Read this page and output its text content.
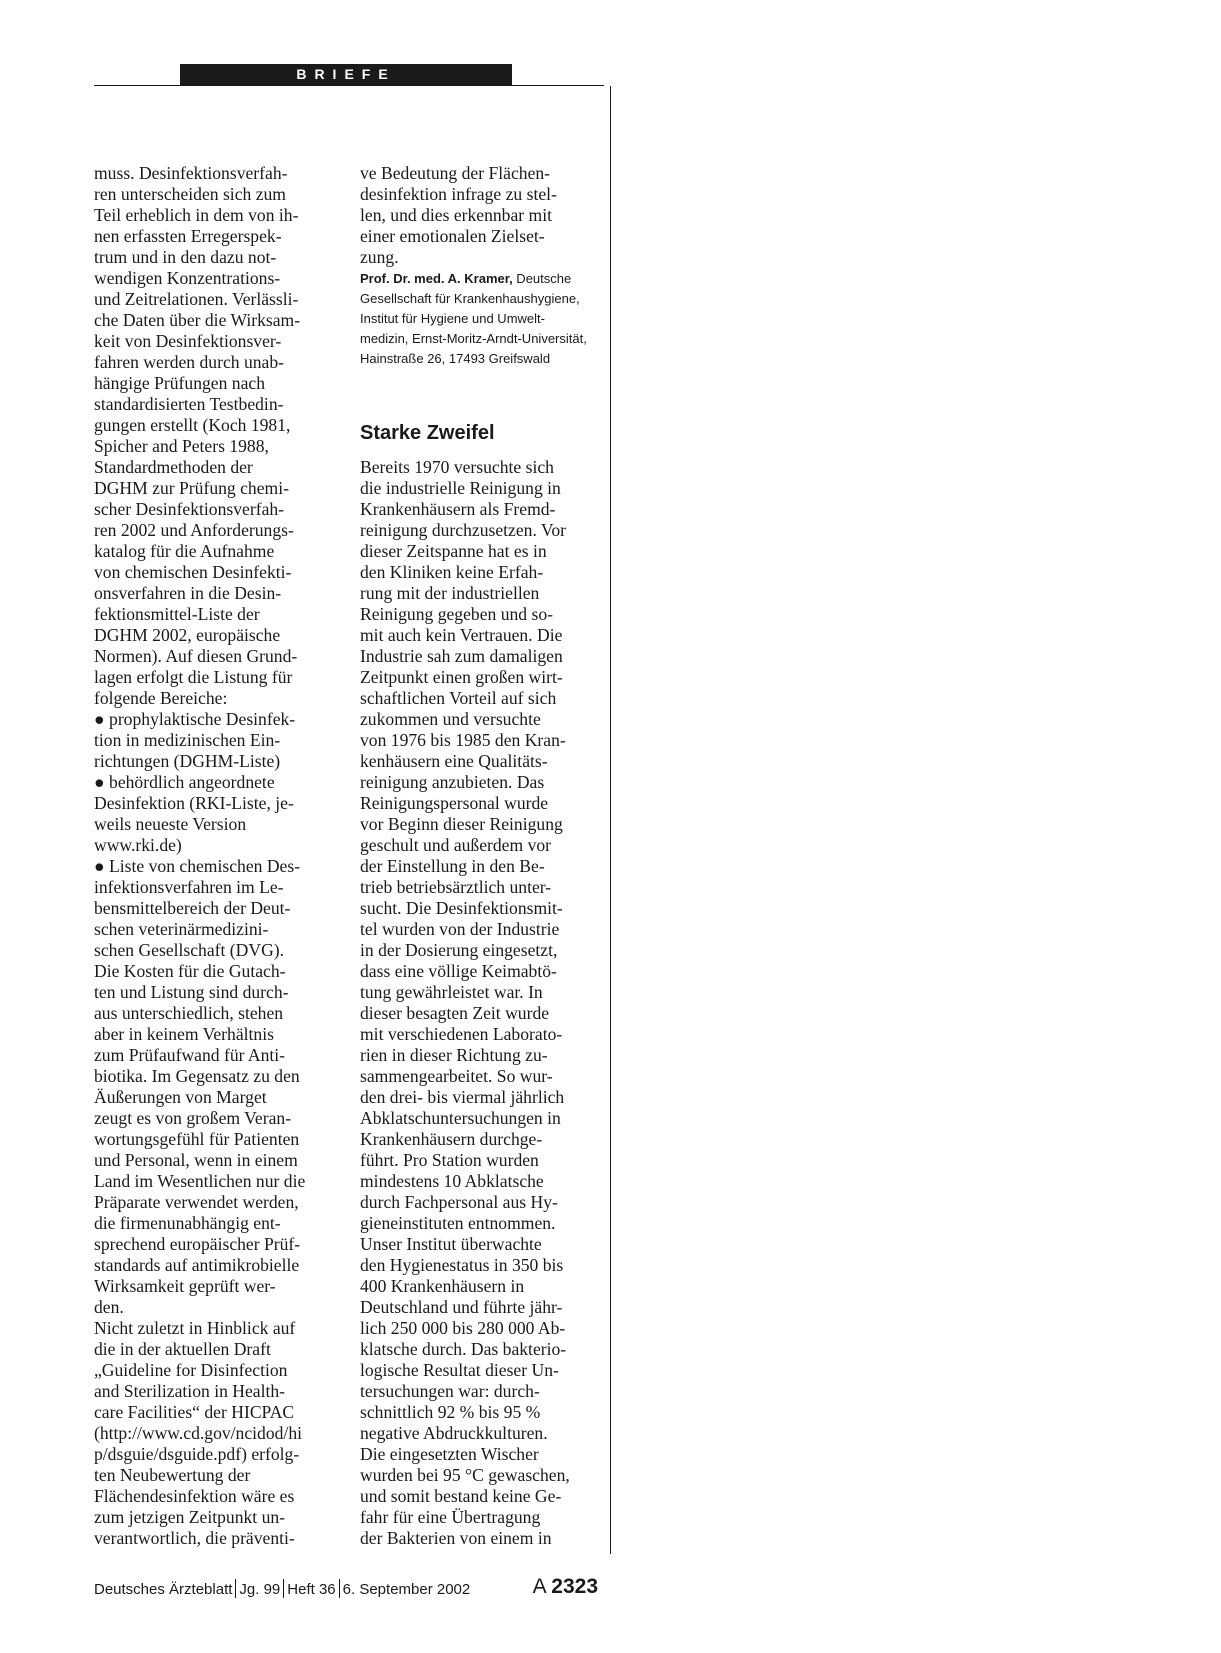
BRIEFE
muss. Desinfektionsverfah-
ren unterscheiden sich zum
Teil erheblich in dem von ih-
nen erfassten Erregerspek-
trum und in den dazu not-
wendigen Konzentrations-
und Zeitrelationen. Verlässli-
che Daten über die Wirksam-
keit von Desinfektionsver-
fahren werden durch unab-
hängige Prüfungen nach
standardisierten Testbedin-
gungen erstellt (Koch 1981,
Spicher and Peters 1988,
Standardmethoden der
DGHM zur Prüfung chemi-
scher Desinfektionsverfah-
ren 2002 und Anforderungs-
katalog für die Aufnahme
von chemischen Desinfekti-
onsverfahren in die Desin-
fektionsmittel-Liste der
DGHM 2002, europäische
Normen). Auf diesen Grund-
lagen erfolgt die Listung für
folgende Bereiche:
● prophylaktische Desinfek-
tion in medizinischen Ein-
richtungen (DGHM-Liste)
● behördlich angeordnete
Desinfektion (RKI-Liste, je-
weils neueste Version
www.rki.de)
● Liste von chemischen Des-
infektionsverfahren im Le-
bensmittelbereich der Deut-
schen veterinärmedizini-
schen Gesellschaft (DVG).
Die Kosten für die Gutach-
ten und Listung sind durch-
aus unterschiedlich, stehen
aber in keinem Verhältnis
zum Prüfaufwand für Anti-
biotika. Im Gegensatz zu den
Äußerungen von Marget
zeugt es von großem Veran-
wortungsgefühl für Patienten
und Personal, wenn in einem
Land im Wesentlichen nur die
Präparate verwendet werden,
die firmenunabhängig ent-
sprechend europäischer Prüf-
standards auf antimikrobielle
Wirksamkeit geprüft wer-
den.
Nicht zuletzt in Hinblick auf
die in der aktuellen Draft
„Guideline for Disinfection
and Sterilization in Health-
care Facilities“ der HICPAC
(http://www.cd.gov/ncidod/hi
p/dsguie/dsguide.pdf) erfolg-
ten Neubewertung der
Flächendesinfektion wäre es
zum jetzigen Zeitpunkt un-
verantwortlich, die präventi-
ve Bedeutung der Flächen-
desinfektion infrage zu stel-
len, und dies erkennbar mit
einer emotionalen Zielset-
zung.
Prof. Dr. med. A. Kramer, Deutsche
Gesellschaft für Krankenhaushygiene,
Institut für Hygiene und Umwelt-
medizin, Ernst-Moritz-Arndt-Universität,
Hainstraße 26, 17493 Greifswald
Starke Zweifel
Bereits 1970 versuchte sich
die industrielle Reinigung in
Krankenhäusern als Fremd-
reinigung durchzusetzen. Vor
dieser Zeitspanne hat es in
den Kliniken keine Erfah-
rung mit der industriellen
Reinigung gegeben und so-
mit auch kein Vertrauen. Die
Industrie sah zum damaligen
Zeitpunkt einen großen wirt-
schaftlichen Vorteil auf sich
zukommen und versuchte
von 1976 bis 1985 den Kran-
kenhäusern eine Qualitäts-
reinigung anzubieten. Das
Reinigungspersonal wurde
vor Beginn dieser Reinigung
geschult und außerdem vor
der Einstellung in den Be-
trieb betriebsärztlich unter-
sucht. Die Desinfektionsmit-
tel wurden von der Industrie
in der Dosierung eingesetzt,
dass eine völlige Keimabtö-
tung gewährleistet war. In
dieser besagten Zeit wurde
mit verschiedenen Laborato-
rien in dieser Richtung zu-
sammengearbeitet. So wur-
den drei- bis viermal jährlich
Abklatschuntersuchungen in
Krankenhäusern durchge-
führt. Pro Station wurden
mindestens 10 Abklatsche
durch Fachpersonal aus Hy-
gieneinstituten entnommen.
Unser Institut überwachte
den Hygienestatus in 350 bis
400 Krankenhäusern in
Deutschland und führte jähr-
lich 250 000 bis 280 000 Ab-
klatsche durch. Das bakterio-
logische Resultat dieser Un-
tersuchungen war: durch-
schnittlich 92 % bis 95 %
negative Abdruckkulturen.
Die eingesetzten Wischer
wurden bei 95 °C gewaschen,
und somit bestand keine Ge-
fahr für eine Übertragung
der Bakterien von einem in
Deutsches Ärzteblatt Jg. 99 Heft 36 6. September 2002	A 2323
